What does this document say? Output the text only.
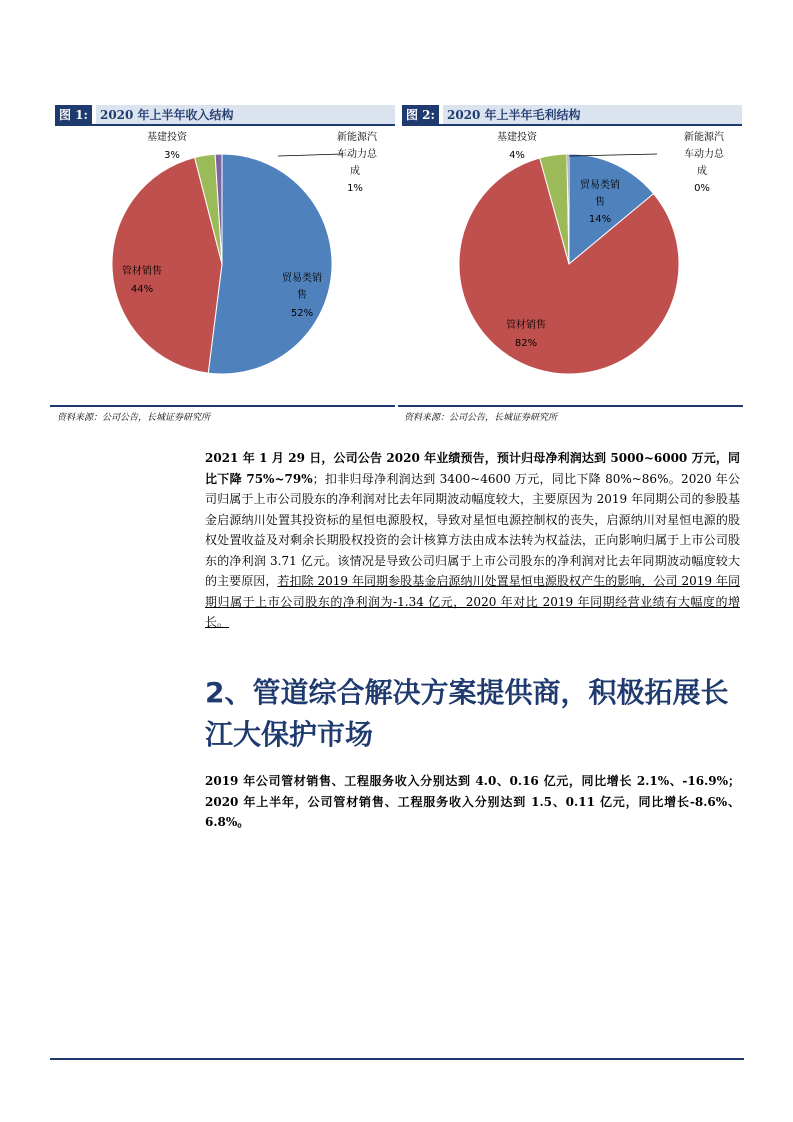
图 1:	2020 年上半年收入结构
基建投资
3%
新能源汽
车动力总
成
1%
贸易类销
售
52%
管材销售
44%
资料来源：公司公告，长城证券研究所
图 2:	2020 年上半年毛利结构
基建投资
4%
新能源汽
车动力总
成
0%
贸易类销
售
14%
管材销售
82%
资料来源：公司公告，长城证券研究所
2021 年 1 月 29 日，公司公告 2020 年业绩预告，预计归母净利润达到 5000~6000 万元，同比下降 75%~79%；扣非归母净利润达到 3400~4600 万元，同比下降 80%~86%。2020 年公司归属于上市公司股东的净利润对比去年同期波动幅度较大，主要原因为 2019 年同期公司的参股基金启源纳川处置其投资标的星恒电源股权，导致对星恒电源控制权的丧失，启源纳川对星恒电源的股权处置收益及对剩余长期股权投资的会计核算方法由成本法转为权益法，正向影响归属于上市公司股东的净利润 3.71 亿元。该情况是导致公司归属于上市公司股东的净利润对比去年同期波动幅度较大的主要原因，若扣除 2019 年同期参股基金启源纳川处置星恒电源股权产生的影响，公司 2019 年同期归属于上市公司股东的净利润为-1.34 亿元，2020 年对比 2019 年同期经营业绩有大幅度的增长。
2、管道综合解决方案提供商，积极拓展长江大保护市场
2019 年公司管材销售、工程服务收入分别达到 4.0、0.16 亿元，同比增长 2.1%、-16.9%；2020 年上半年，公司管材销售、工程服务收入分别达到 1.5、0.11 亿元，同比增长-8.6%、6.8%。
